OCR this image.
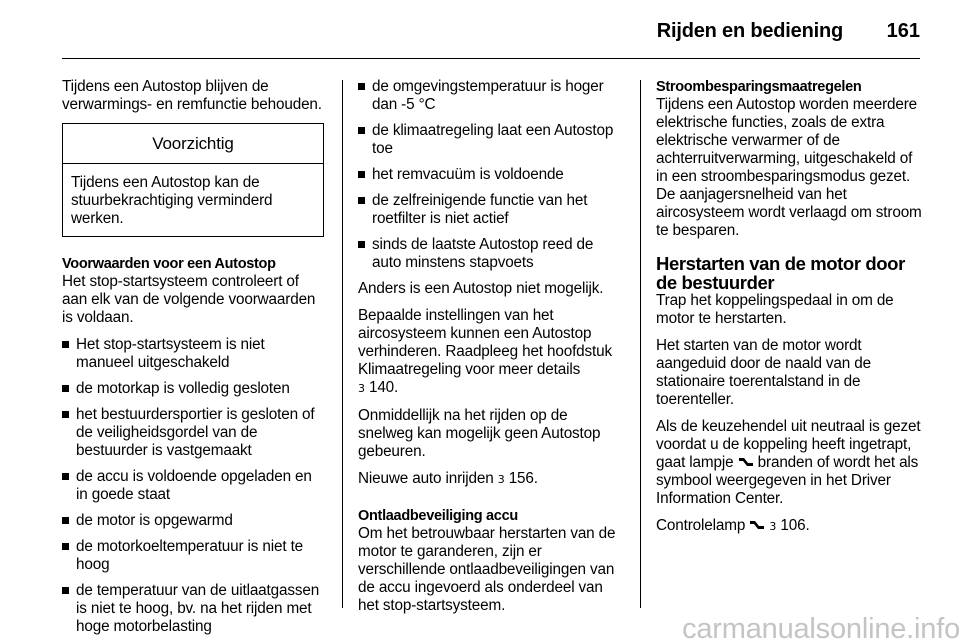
Rijden en bediening 161

Tijdens een Autostop blijven de verwarmings- en remfunctie behouden.

Voorzichtig
Tijdens een Autostop kan de stuurbekrachtiging verminderd werken.

Voorwaarden voor een Autostop

Het stop-startsysteem controleert of aan elk van de volgende voorwaarden is voldaan.

Het stop-startsysteem is niet manueel uitgeschakeld
de motorkap is volledig gesloten
het bestuurdersportier is gesloten of de veiligheidsgordel van de bestuurder is vastgemaakt
de accu is voldoende opgeladen en in goede staat
de motor is opgewarmd
de motorkoeltemperatuur is niet te hoog
de temperatuur van de uitlaatgassen is niet te hoog, bv. na het rijden met hoge motorbelasting
de omgevingstemperatuur is hoger dan -5 °C
de klimaatregeling laat een Autostop toe
het remvacuüm is voldoende
de zelfreinigende functie van het roetfilter is niet actief
sinds de laatste Autostop reed de auto minstens stapvoets

Anders is een Autostop niet mogelijk.

Bepaalde instellingen van het aircosysteem kunnen een Autostop verhinderen. Raadpleeg het hoofdstuk Klimaatregeling voor meer details
3 140.

Onmiddellijk na het rijden op de snelweg kan mogelijk geen Autostop gebeuren.

Nieuwe auto inrijden 3 156.

Ontlaadbeveiliging accu

Om het betrouwbaar herstarten van de motor te garanderen, zijn er verschillende ontlaadbeveiligingen van de accu ingevoerd als onderdeel van het stop-startsysteem.

Stroombesparingsmaatregelen

Tijdens een Autostop worden meerdere elektrische functies, zoals de extra elektrische verwarmer of de achterruitverwarming, uitgeschakeld of in een stroombesparingsmodus gezet. De aanjagersnelheid van het aircosysteem wordt verlaagd om stroom te besparen.

Herstarten van de motor door de bestuurder

Trap het koppelingspedaal in om de motor te herstarten.

Het starten van de motor wordt aangeduid door de naald van de stationaire toerentalstand in de toerenteller.

Als de keuzehendel uit neutraal is gezet voordat u de koppeling heeft ingetrapt, gaat lampje branden of wordt het als symbool weergegeven in het Driver Information Center.

Controlelamp 3 106.

carmanualsonline.info
